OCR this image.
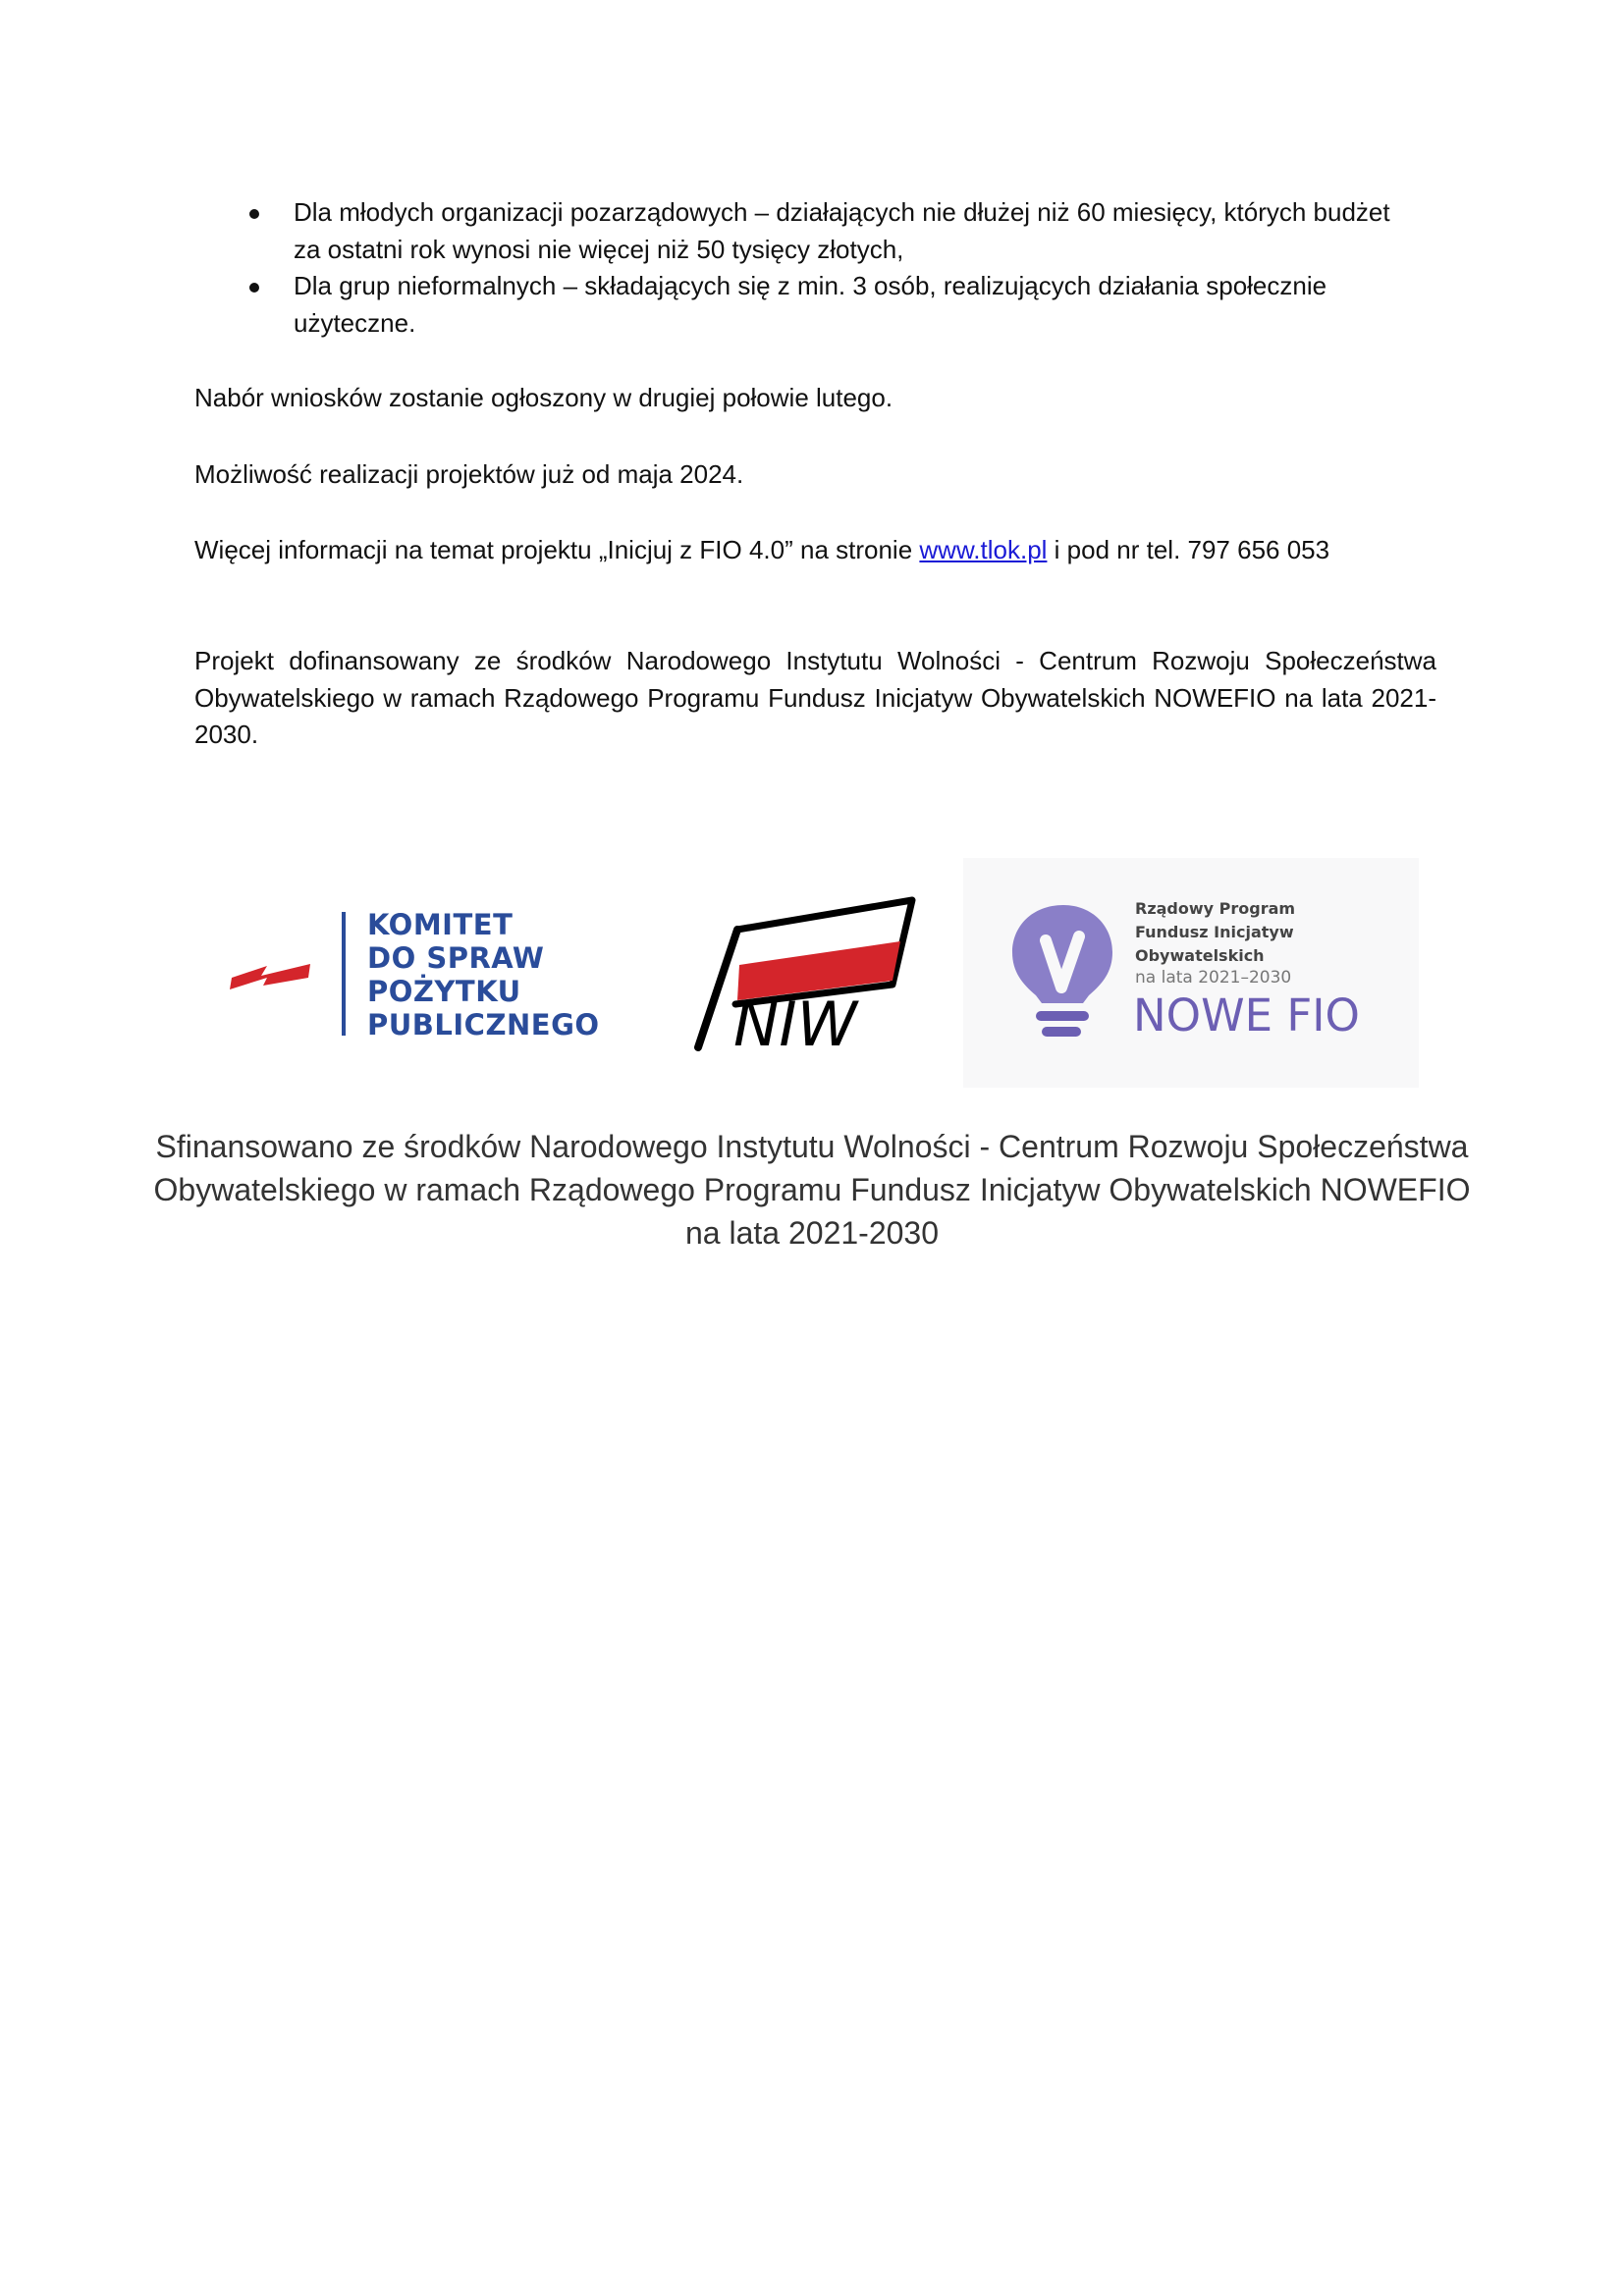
Dla młodych organizacji pozarządowych – działających nie dłużej niż 60 miesięcy, których budżet za ostatni rok wynosi nie więcej niż 50 tysięcy złotych,
Dla grup nieformalnych – składających się z min. 3 osób, realizujących działania społecznie użyteczne.

Nabór wniosków zostanie ogłoszony w drugiej połowie lutego.

Możliwość realizacji projektów już od maja 2024.

Więcej informacji na temat projektu „Inicjuj z FIO 4.0” na stronie www.tlok.pl i pod nr tel. 797 656 053

Projekt dofinansowany ze środków Narodowego Instytutu Wolności - Centrum Rozwoju Społeczeństwa Obywatelskiego w ramach Rządowego Programu Fundusz Inicjatyw Obywatelskich NOWEFIO na lata 2021-2030.

KOMITET
DO SPRAW
POŻYTKU
PUBLICZNEGO NIW
Rządowy Program
Fundusz Inicjatyw
Obywatelskich
na lata 2021–2030
NOWE FIO
Sfinansowano ze środków Narodowego Instytutu Wolności - Centrum Rozwoju Społeczeństwa Obywatelskiego w ramach Rządowego Programu Fundusz Inicjatyw Obywatelskich NOWEFIO na lata 2021-2030
